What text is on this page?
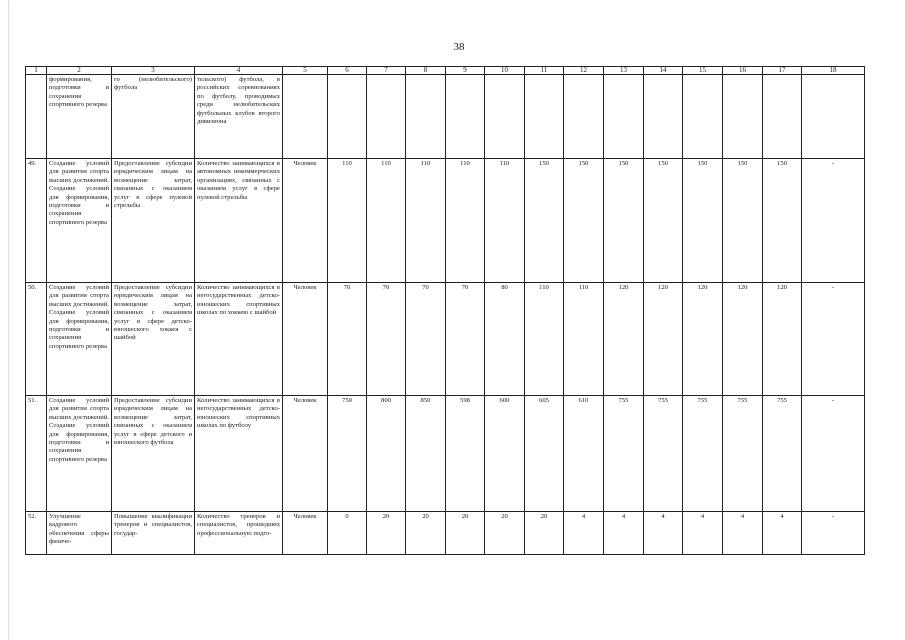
38
1	2	3	4	5	6	7	8	9	10	11	12	13	14	15	16	17	18
	формирования, подготовки и сохранения спортивного резерва	го (нелюбительского) футбола	тельского) футбола, в российских соревнованиях по футболу, проводимых среди нелюбительских футбольных клубов второго дивизиона														
49.	Создание условий для развития спорта высших достижений. Создание условий для формирования, подготовки и сохранения спортивного резерва	Предоставление субсидии юридическим лицам на возмещение затрат, связанных с оказанием услуг в сфере пулевой стрельбы	Количество занимающихся в автономных некоммерческих организациях, связанных с оказанием услуг в сфере пулевой стрельбы	Человек	110	110	110	110	110	150	150	150	150	150	150	150	-
50.	Создание условий для развития спорта высших достижений. Создание условий для формирования, подготовки и сохранения спортивного резерва	Предоставление субсидии юридическим лицам на возмещение затрат, связанных с оказанием услуг в сфере детско-юношеского хоккея с шайбой	Количество занимающихся в негосударственных детско-юношеских спортивных школах по хоккею с шайбой	Человек	70	70	70	70	80	110	110	120	120	120	120	120	-
51.	Создание условий для развития спорта высших достижений. Создание условий для формирования, подготовки и сохранения спортивного резерва	Предоставление субсидии юридическим лицам на возмещение затрат, связанных с оказанием услуг в сфере детского и юношеского футбола	Количество занимающихся в негосударственных детско-юношеских спортивных школах по футболу	Человек	750	800	850	598	600	605	610	755	755	755	755	755	-
52.	Улучшение кадрового обеспечения сферы физиче-	Повышение квалификации тренеров и специалистов, государ-	Количество тренеров и специалистов, прошедших профессиональную подго-	Человек	0	20	20	20	20	20	4	4	4	4	4	4	-
